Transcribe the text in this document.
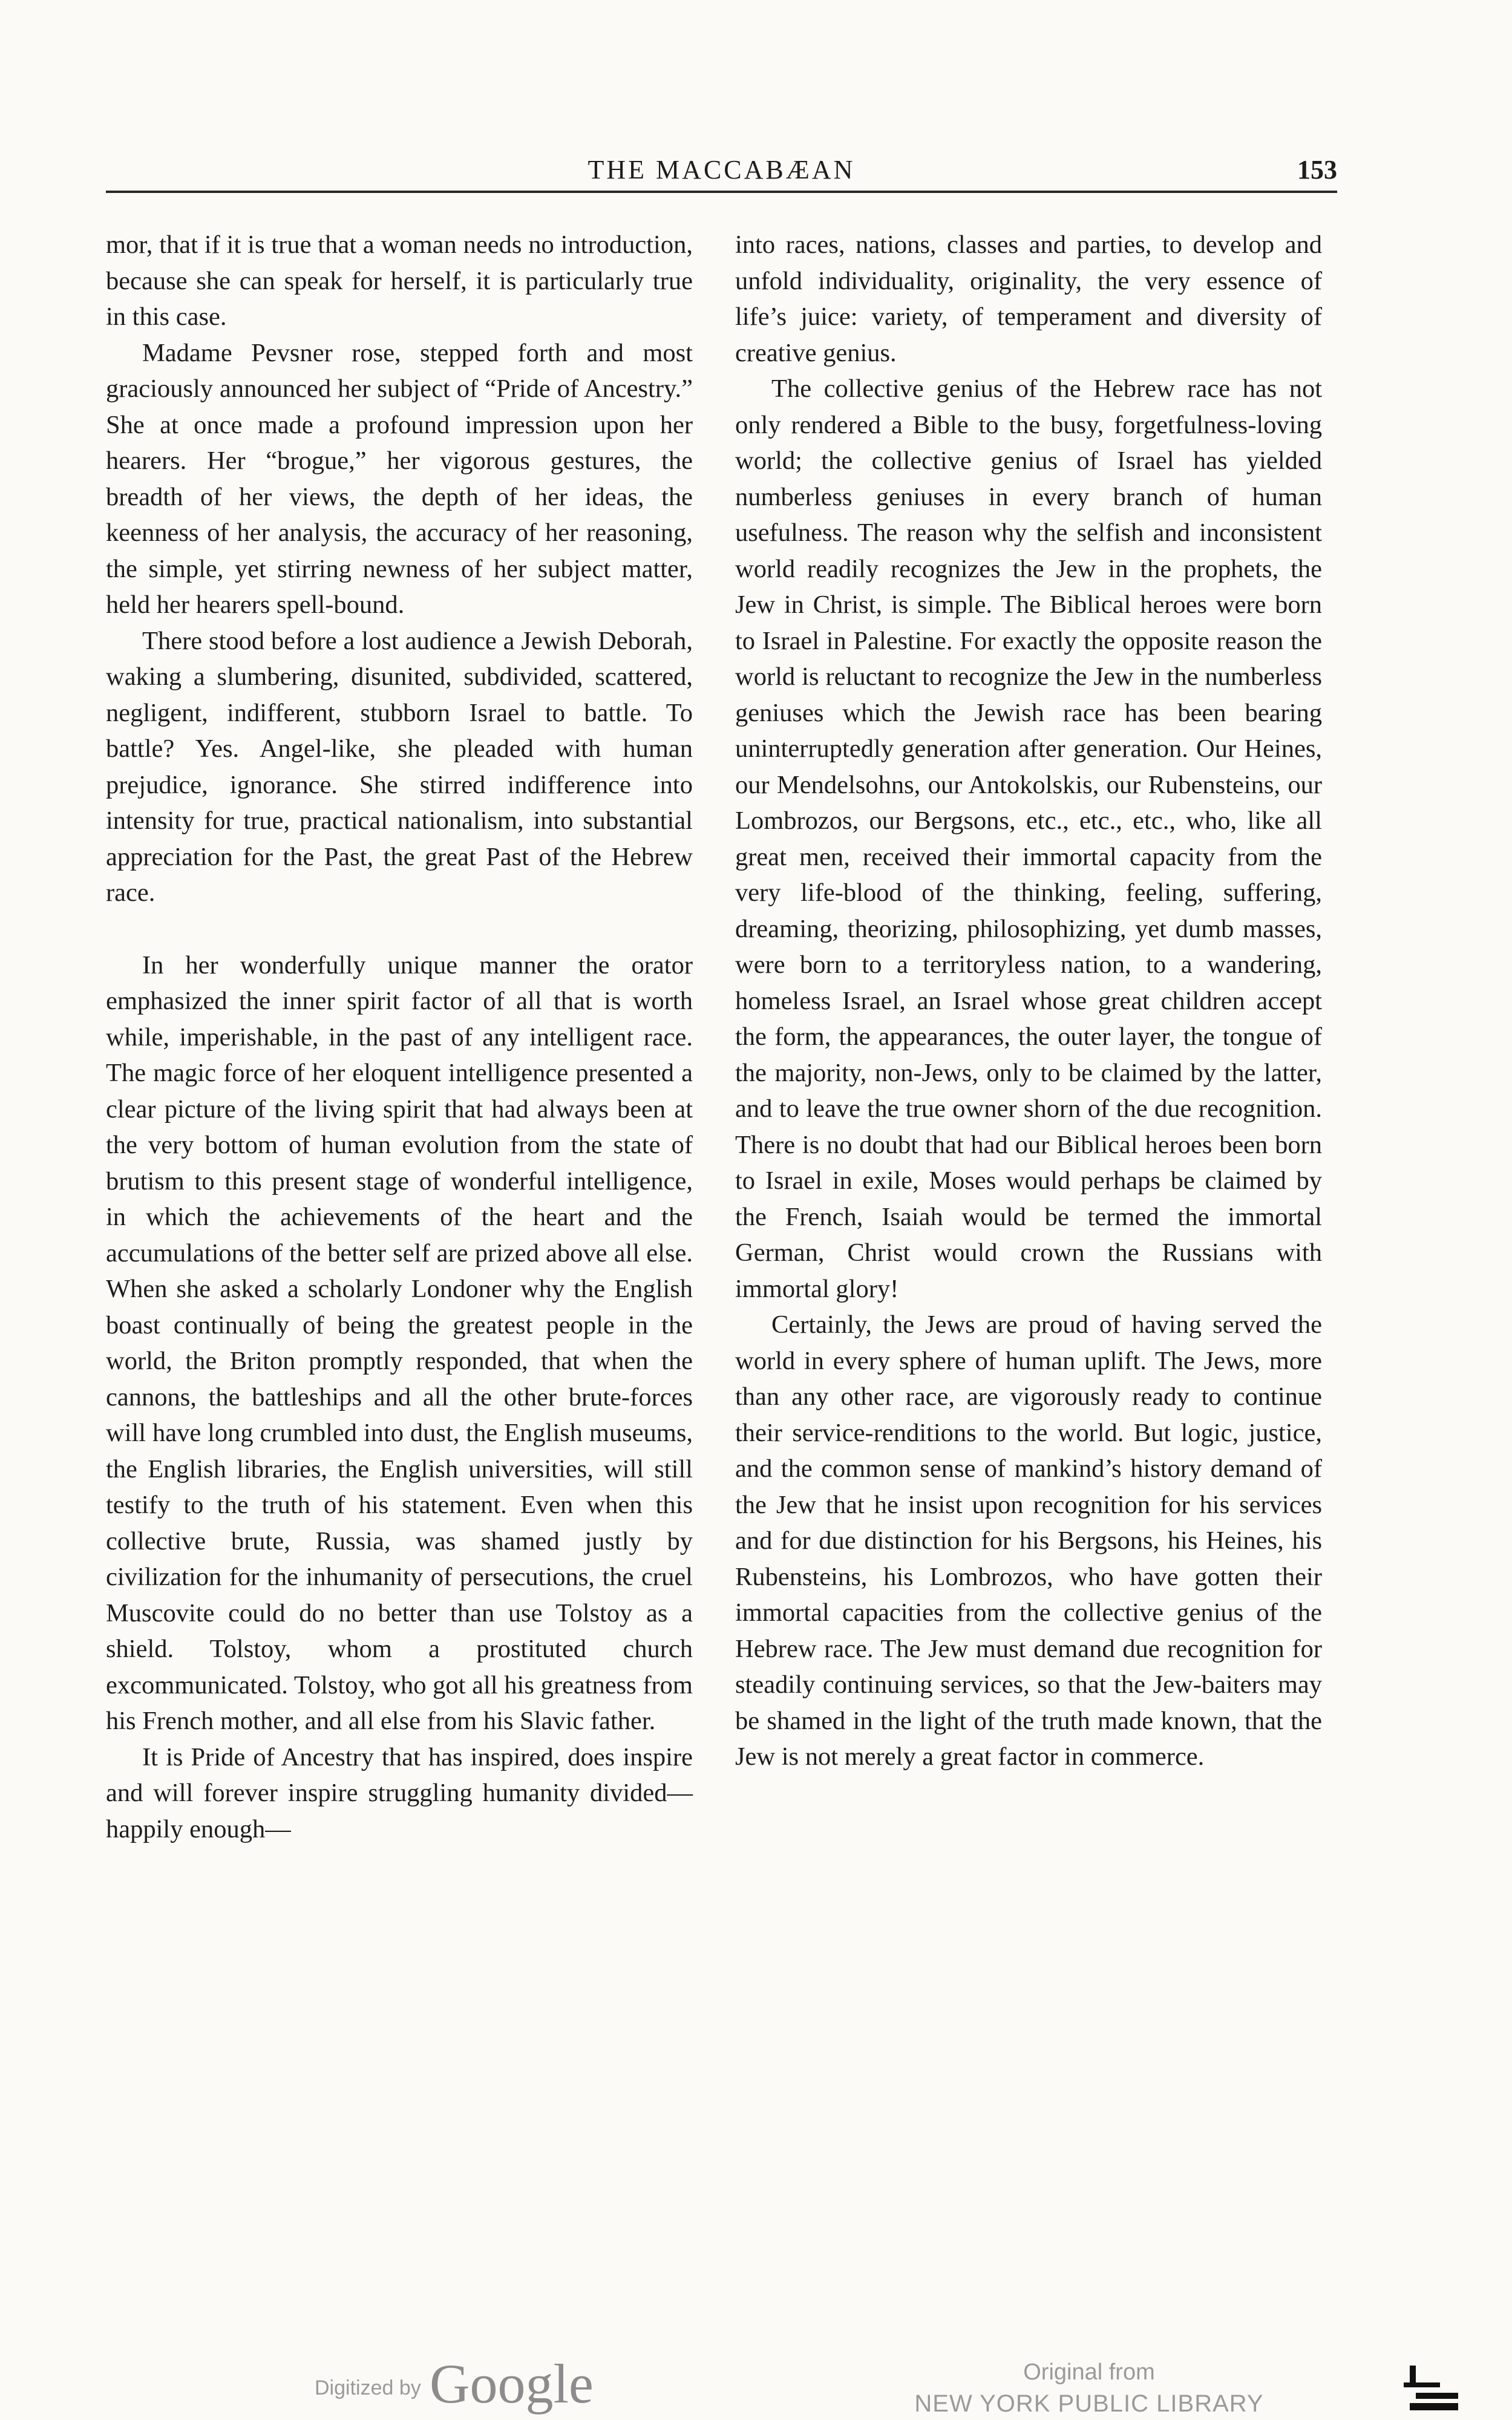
THE MACCABÆAN	153

mor, that if it is true that a woman needs no introduction, because she can speak for herself, it is particularly true in this case.

Madame Pevsner rose, stepped forth and most graciously announced her subject of “Pride of Ancestry.” She at once made a profound impression upon her hearers. Her “brogue,” her vigorous gestures, the breadth of her views, the depth of her ideas, the keenness of her analysis, the accuracy of her reasoning, the simple, yet stirring newness of her subject matter, held her hearers spell-bound.

There stood before a lost audience a Jewish Deborah, waking a slumbering, disunited, subdivided, scattered, negligent, indifferent, stubborn Israel to battle. To battle? Yes. Angel-like, she pleaded with human prejudice, ignorance. She stirred indifference into intensity for true, practical nationalism, into substantial appreciation for the Past, the great Past of the Hebrew race.

In her wonderfully unique manner the orator emphasized the inner spirit factor of all that is worth while, imperishable, in the past of any intelligent race. The magic force of her eloquent intelligence presented a clear picture of the living spirit that had always been at the very bottom of human evolution from the state of brutism to this present stage of wonderful intelligence, in which the achievements of the heart and the accumulations of the better self are prized above all else. When she asked a scholarly Londoner why the English boast continually of being the greatest people in the world, the Briton promptly responded, that when the cannons, the battleships and all the other brute-forces will have long crumbled into dust, the English museums, the English libraries, the English universities, will still testify to the truth of his statement. Even when this collective brute, Russia, was shamed justly by civilization for the inhumanity of persecutions, the cruel Muscovite could do no better than use Tolstoy as a shield. Tolstoy, whom a prostituted church excommunicated. Tolstoy, who got all his greatness from his French mother, and all else from his Slavic father.

It is Pride of Ancestry that has inspired, does inspire and will forever inspire struggling humanity divided—happily enough—

into races, nations, classes and parties, to develop and unfold individuality, originality, the very essence of life’s juice: variety, of temperament and diversity of creative genius.

The collective genius of the Hebrew race has not only rendered a Bible to the busy, forgetfulness-loving world; the collective genius of Israel has yielded numberless geniuses in every branch of human usefulness. The reason why the selfish and inconsistent world readily recognizes the Jew in the prophets, the Jew in Christ, is simple. The Biblical heroes were born to Israel in Palestine. For exactly the opposite reason the world is reluctant to recognize the Jew in the numberless geniuses which the Jewish race has been bearing uninterruptedly generation after generation. Our Heines, our Mendelsohns, our Antokolskis, our Rubensteins, our Lombrozos, our Bergsons, etc., etc., etc., who, like all great men, received their immortal capacity from the very life-blood of the thinking, feeling, suffering, dreaming, theorizing, philosophizing, yet dumb masses, were born to a territoryless nation, to a wandering, homeless Israel, an Israel whose great children accept the form, the appearances, the outer layer, the tongue of the majority, non-Jews, only to be claimed by the latter, and to leave the true owner shorn of the due recognition. There is no doubt that had our Biblical heroes been born to Israel in exile, Moses would perhaps be claimed by the French, Isaiah would be termed the immortal German, Christ would crown the Russians with immortal glory!

Certainly, the Jews are proud of having served the world in every sphere of human uplift. The Jews, more than any other race, are vigorously ready to continue their service-renditions to the world. But logic, justice, and the common sense of mankind’s history demand of the Jew that he insist upon recognition for his services and for due distinction for his Bergsons, his Heines, his Rubensteins, his Lombrozos, who have gotten their immortal capacities from the collective genius of the Hebrew race. The Jew must demand due recognition for steadily continuing services, so that the Jew-baiters may be shamed in the light of the truth made known, that the Jew is not merely a great factor in commerce.

Digitized by Google	Original from
NEW YORK PUBLIC LIBRARY
